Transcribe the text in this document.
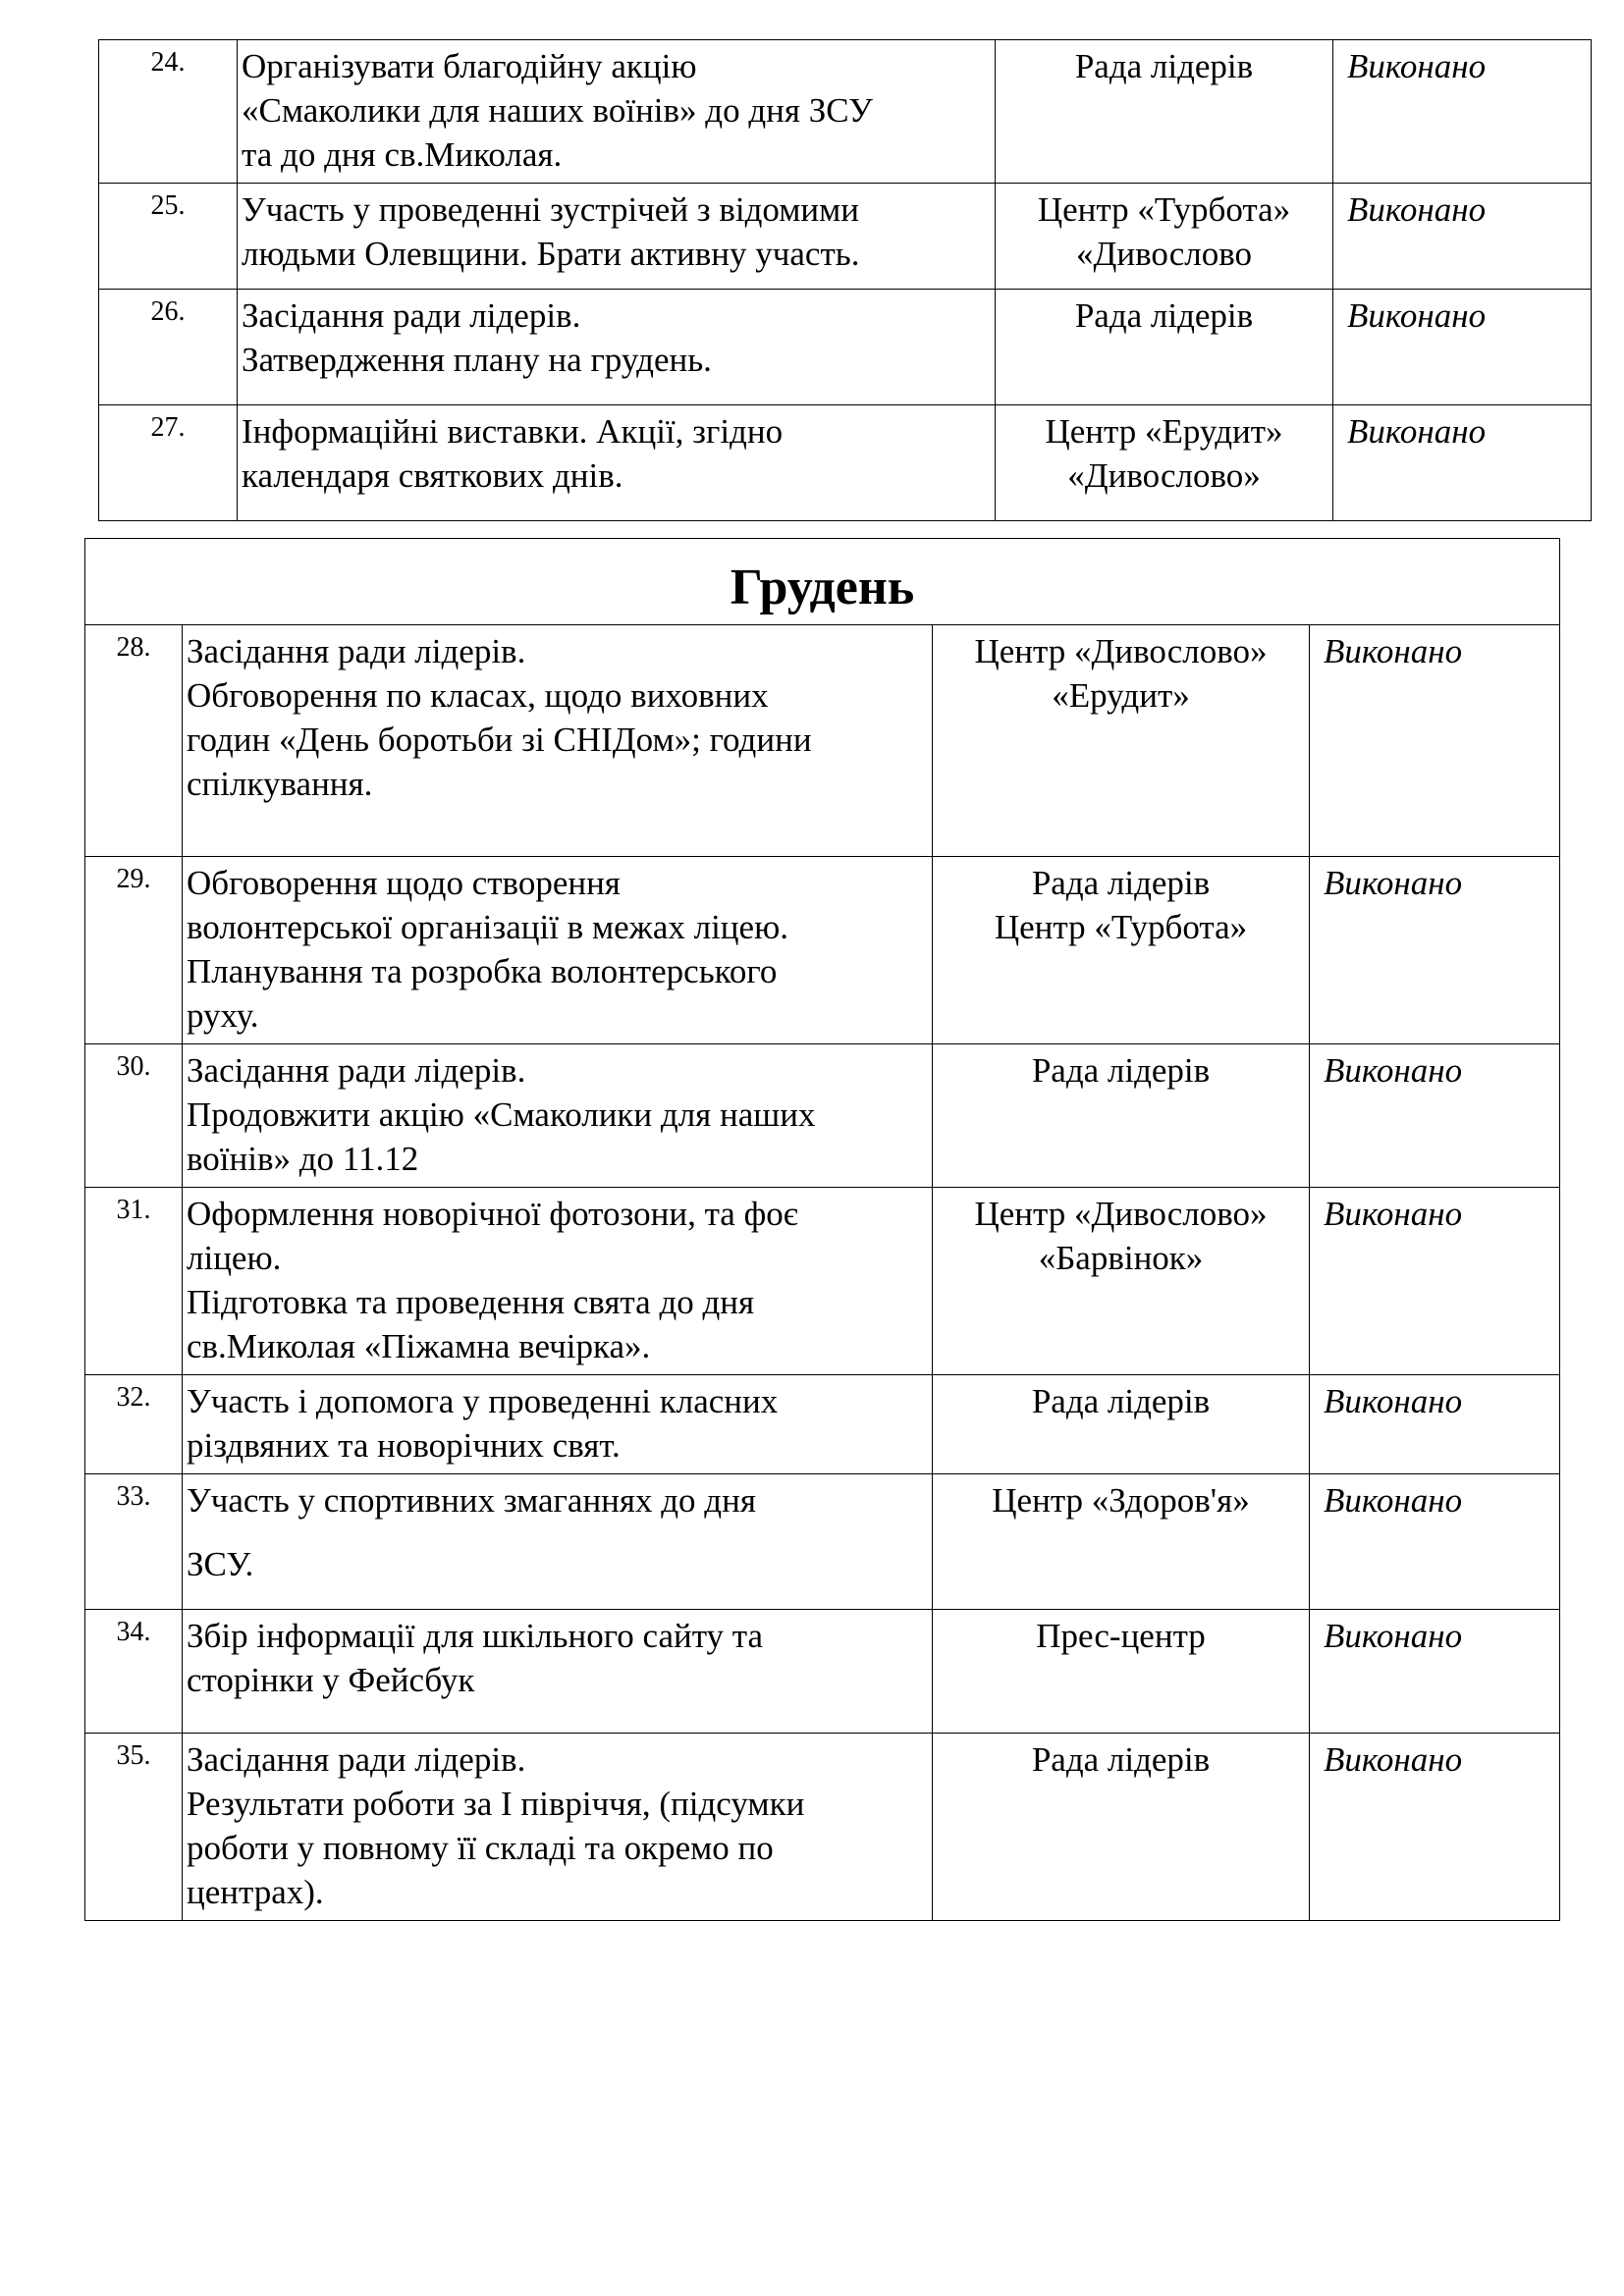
24.	Організувати благодійну акцію
«Смаколики для наших воїнів» до дня ЗСУ
та до дня св.Миколая.	Рада лідерів	Виконано
25.	Участь у проведенні зустрічей з відомими
людьми Олевщини. Брати активну участь.	Центр «Турбота»
«Дивослово	Виконано
26.	Засідання ради лідерів.
Затвердження плану на грудень.	Рада лідерів	Виконано
27.	Інформаційні виставки. Акції, згідно
календаря святкових днів.	Центр «Ерудит»
«Дивослово»	Виконано
Грудень			
28.	Засідання ради лідерів.
Обговорення по класах, щодо виховних
годин «День боротьби зі СНІДом»; години
спілкування.	Центр «Дивослово»
«Ерудит»	Виконано
29.	Обговорення щодо створення
волонтерської організації в межах ліцею.
Планування та розробка волонтерського
руху.	Рада лідерів
Центр «Турбота»	Виконано
30.	Засідання ради лідерів.
Продовжити акцію «Смаколики для наших
воїнів» до 11.12	Рада лідерів	Виконано
31.	Оформлення новорічної фотозони, та фоє
ліцею.
Підготовка та проведення свята до дня
св.Миколая «Піжамна вечірка».	Центр «Дивослово»
«Барвінок»	Виконано
32.	Участь і допомога у проведенні класних
різдвяних та новорічних свят.	Рада лідерів	Виконано
33.	Участь у спортивних змаганнях до дня
ЗСУ.	Центр «Здоров'я»	Виконано
34.	Збір інформації для шкільного сайту та
сторінки у Фейсбук	Прес-центр	Виконано
35.	Засідання ради лідерів.
Результати роботи за І півріччя, (підсумки
роботи у повному її складі та окремо по
центрах).	Рада лідерів	Виконано
